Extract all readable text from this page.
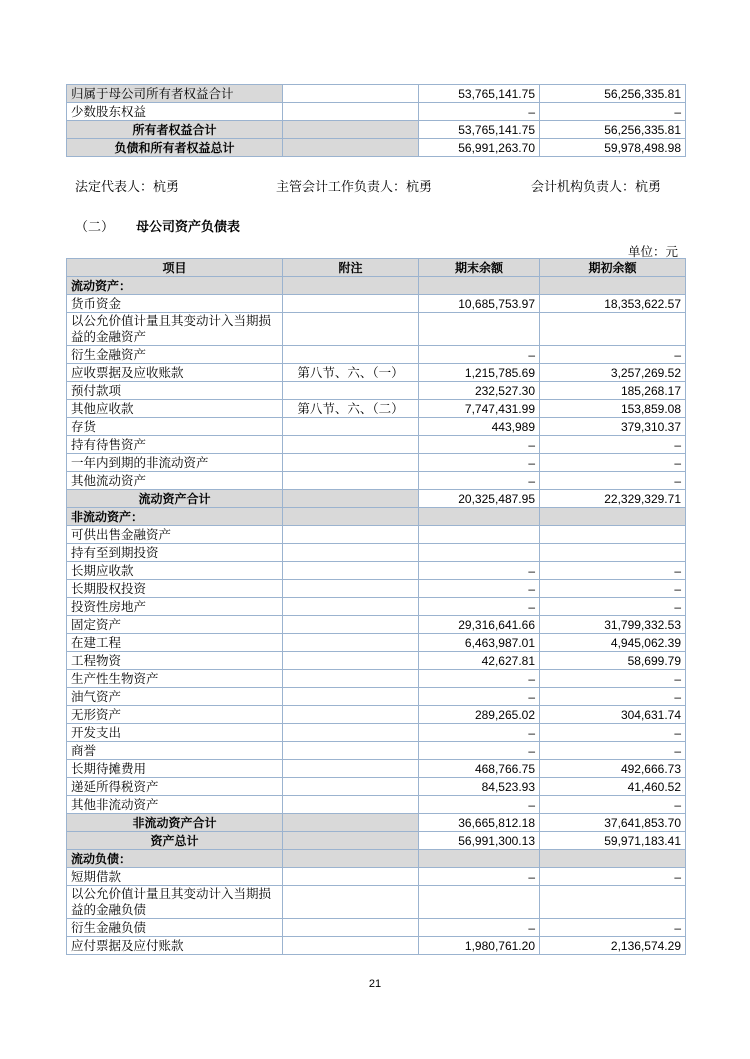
归属于母公司所有者权益合计		53,765,141.75	56,256,335.81
少数股东权益		–	–
所有者权益合计		53,765,141.75	56,256,335.81
负债和所有者权益总计		56,991,263.70	59,978,498.98
法定代表人：杭勇	主管会计工作负责人：杭勇	会计机构负责人：杭勇
（二） 母公司资产负债表
单位：元
项目	附注	期末余额	期初余额
流动资产：			
货币资金		10,685,753.97	18,353,622.57
以公允价值计量且其变动计入当期损益的金融资产			
衍生金融资产		–	–
应收票据及应收账款	第八节、六、（一）	1,215,785.69	3,257,269.52
预付款项		232,527.30	185,268.17
其他应收款	第八节、六、（二）	7,747,431.99	153,859.08
存货		443,989	379,310.37
持有待售资产		–	–
一年内到期的非流动资产		–	–
其他流动资产		–	–
流动资产合计		20,325,487.95	22,329,329.71
非流动资产：			
可供出售金融资产			
持有至到期投资			
长期应收款		–	–
长期股权投资		–	–
投资性房地产		–	–
固定资产		29,316,641.66	31,799,332.53
在建工程		6,463,987.01	4,945,062.39
工程物资		42,627.81	58,699.79
生产性生物资产		–	–
油气资产		–	–
无形资产		289,265.02	304,631.74
开发支出		–	–
商誉		–	–
长期待摊费用		468,766.75	492,666.73
递延所得税资产		84,523.93	41,460.52
其他非流动资产		–	–
非流动资产合计		36,665,812.18	37,641,853.70
资产总计		56,991,300.13	59,971,183.41
流动负债：			
短期借款		–	–
以公允价值计量且其变动计入当期损益的金融负债			
衍生金融负债		–	–
应付票据及应付账款		1,980,761.20	2,136,574.29
21
